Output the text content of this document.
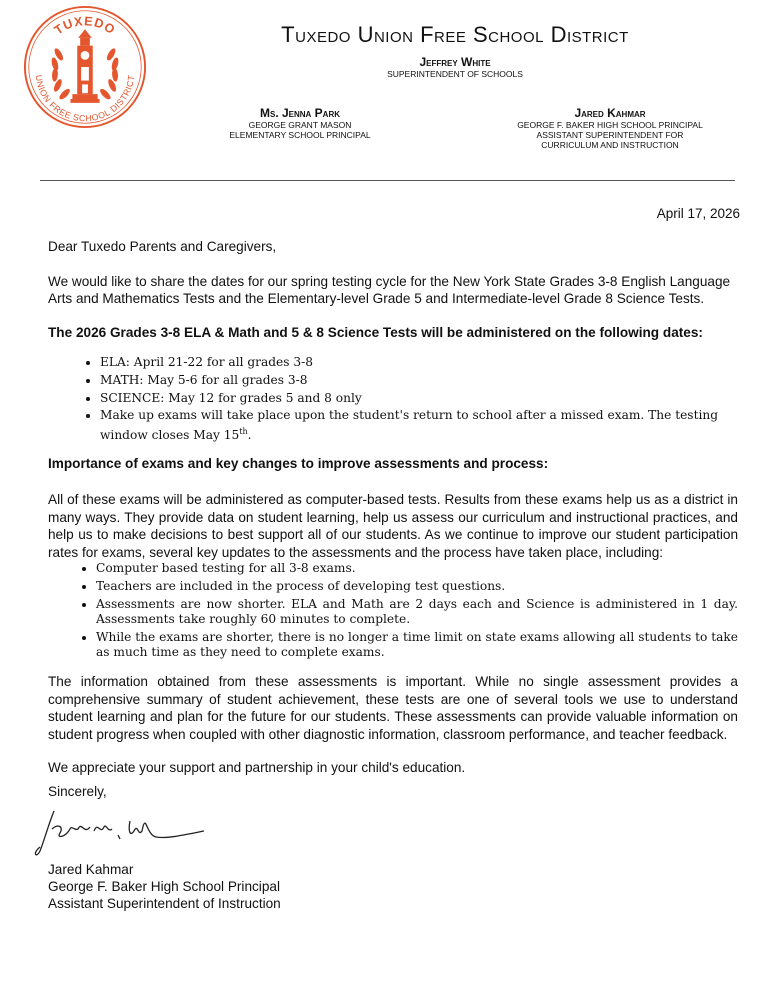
TUXEDO
UNION FREE SCHOOL DISTRICT
Tuxedo Union Free School District
Jeffrey White
SUPERINTENDENT OF SCHOOLS
Ms. Jenna Park
GEORGE GRANT MASON
ELEMENTARY SCHOOL PRINCIPAL
Jared Kahmar
GEORGE F. BAKER HIGH SCHOOL PRINCIPAL
ASSISTANT SUPERINTENDENT FOR
CURRICULUM AND INSTRUCTION
April 17, 2026

Dear Tuxedo Parents and Caregivers,

We would like to share the dates for our spring testing cycle for the New York State Grades 3-8 English Language Arts and Mathematics Tests and the Elementary-level Grade 5 and Intermediate-level Grade 8 Science Tests.

The 2026 Grades 3-8 ELA & Math and 5 & 8 Science Tests will be administered on the following dates:

• ELA: April 21-22 for all grades 3-8
• MATH: May 5-6 for all grades 3-8
• SCIENCE: May 12 for grades 5 and 8 only
• Make up exams will take place upon the student's return to school after a missed exam. The testing window closes May 15th.

Importance of exams and key changes to improve assessments and process:

All of these exams will be administered as computer-based tests. Results from these exams help us as a district in many ways. They provide data on student learning, help us assess our curriculum and instructional practices, and help us to make decisions to best support all of our students. As we continue to improve our student participation rates for exams, several key updates to the assessments and the process have taken place, including:

• Computer based testing for all 3-8 exams.
• Teachers are included in the process of developing test questions.
• Assessments are now shorter. ELA and Math are 2 days each and Science is administered in 1 day. Assessments take roughly 60 minutes to complete.
• While the exams are shorter, there is no longer a time limit on state exams allowing all students to take as much time as they need to complete exams.

The information obtained from these assessments is important. While no single assessment provides a comprehensive summary of student achievement, these tests are one of several tools we use to understand student learning and plan for the future for our students. These assessments can provide valuable information on student progress when coupled with other diagnostic information, classroom performance, and teacher feedback.

We appreciate your support and partnership in your child's education.

Sincerely,

Jared Kahmar

George F. Baker High School Principal

Assistant Superintendent of Instruction
